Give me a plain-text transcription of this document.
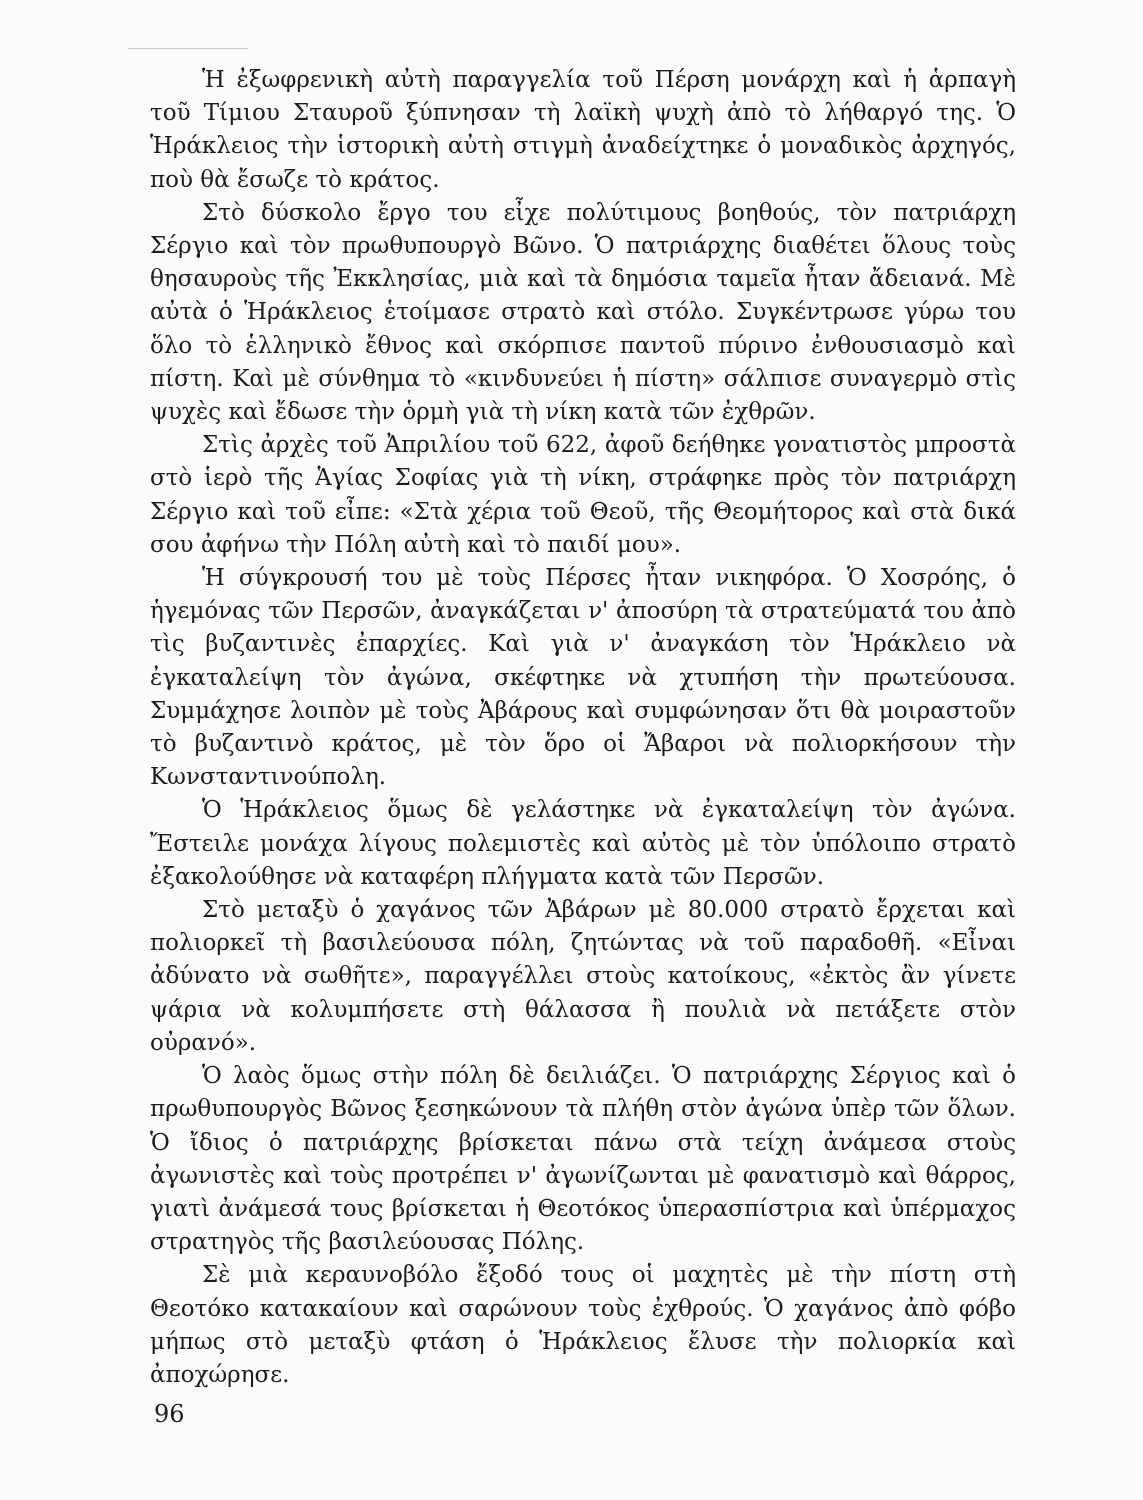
Ἡ ἐξωφρενικὴ αὐτὴ παραγγελία τοῦ Πέρση μονάρχη καὶ ἡ ἁρπαγὴ τοῦ Τίμιου Σταυροῦ ξύπνησαν τὴ λαϊκὴ ψυχὴ ἀπὸ τὸ λήθαργό της. Ὁ Ἡράκλειος τὴν ἱστορικὴ αὐτὴ στιγμὴ ἀναδείχτηκε ὁ μοναδικὸς ἀρχηγός, ποὺ θὰ ἔσωζε τὸ κράτος.

Στὸ δύσκολο ἔργο του εἶχε πολύτιμους βοηθούς, τὸν πατριάρχη Σέργιο καὶ τὸν πρωθυπουργὸ Βῶνο. Ὁ πατριάρχης διαθέτει ὅλους τοὺς θησαυροὺς τῆς Ἐκκλησίας, μιὰ καὶ τὰ δημόσια ταμεῖα ἦταν ἄδειανά. Μὲ αὐτὰ ὁ Ἡράκλειος ἑτοίμασε στρατὸ καὶ στόλο. Συγκέντρωσε γύρω του ὅλο τὸ ἑλληνικὸ ἔθνος καὶ σκόρπισε παντοῦ πύρινο ἐνθουσιασμὸ καὶ πίστη. Καὶ μὲ σύνθημα τὸ «κινδυνεύει ἡ πίστη» σάλπισε συναγερμὸ στὶς ψυχὲς καὶ ἔδωσε τὴν ὁρμὴ γιὰ τὴ νίκη κατὰ τῶν ἐχθρῶν.

Στὶς ἀρχὲς τοῦ Ἀπριλίου τοῦ 622, ἀφοῦ δεήθηκε γονατιστὸς μπροστὰ στὸ ἱερὸ τῆς Ἁγίας Σοφίας γιὰ τὴ νίκη, στράφηκε πρὸς τὸν πατριάρχη Σέργιο καὶ τοῦ εἶπε: «Στὰ χέρια τοῦ Θεοῦ, τῆς Θεομήτορος καὶ στὰ δικά σου ἀφήνω τὴν Πόλη αὐτὴ καὶ τὸ παιδί μου».

Ἡ σύγκρουσή του μὲ τοὺς Πέρσες ἦταν νικηφόρα. Ὁ Χοσρόης, ὁ ἡγεμόνας τῶν Περσῶν, ἀναγκάζεται ν' ἀποσύρη τὰ στρατεύματά του ἀπὸ τὶς βυζαντινὲς ἐπαρχίες. Καὶ γιὰ ν' ἀναγκάση τὸν Ἡράκλειο νὰ ἐγκαταλείψη τὸν ἀγώνα, σκέφτηκε νὰ χτυπήση τὴν πρωτεύουσα. Συμμάχησε λοιπὸν μὲ τοὺς Ἀβάρους καὶ συμφώνησαν ὅτι θὰ μοιραστοῦν τὸ βυζαντινὸ κράτος, μὲ τὸν ὅρο οἱ Ἄβαροι νὰ πολιορκήσουν τὴν Κωνσταντινούπολη.

Ὁ Ἡράκλειος ὅμως δὲ γελάστηκε νὰ ἐγκαταλείψη τὸν ἀγώνα. Ἔστειλε μονάχα λίγους πολεμιστὲς καὶ αὐτὸς μὲ τὸν ὑπόλοιπο στρατὸ ἐξακολούθησε νὰ καταφέρη πλήγματα κατὰ τῶν Περσῶν.

Στὸ μεταξὺ ὁ χαγάνος τῶν Ἀβάρων μὲ 80.000 στρατὸ ἔρχεται καὶ πολιορκεῖ τὴ βασιλεύουσα πόλη, ζητώντας νὰ τοῦ παραδοθῆ. «Εἶναι ἀδύνατο νὰ σωθῆτε», παραγγέλλει στοὺς κατοίκους, «ἐκτὸς ἂν γίνετε ψάρια νὰ κολυμπήσετε στὴ θάλασσα ἢ πουλιὰ νὰ πετάξετε στὸν οὐρανό».

Ὁ λαὸς ὅμως στὴν πόλη δὲ δειλιάζει. Ὁ πατριάρχης Σέργιος καὶ ὁ πρωθυπουργὸς Βῶνος ξεσηκώνουν τὰ πλήθη στὸν ἀγώνα ὑπὲρ τῶν ὅλων. Ὁ ἴδιος ὁ πατριάρχης βρίσκεται πάνω στὰ τείχη ἀνάμεσα στοὺς ἀγωνιστὲς καὶ τοὺς προτρέπει ν' ἀγωνίζωνται μὲ φανατισμὸ καὶ θάρρος, γιατὶ ἀνάμεσά τους βρίσκεται ἡ Θεοτόκος ὑπερασπίστρια καὶ ὑπέρμαχος στρατηγὸς τῆς βασιλεύουσας Πόλης.

Σὲ μιὰ κεραυνοβόλο ἔξοδό τους οἱ μαχητὲς μὲ τὴν πίστη στὴ Θεοτόκο κατακαίουν καὶ σαρώνουν τοὺς ἐχθρούς. Ὁ χαγάνος ἀπὸ φόβο μήπως στὸ μεταξὺ φτάση ὁ Ἡράκλειος ἔλυσε τὴν πολιορκία καὶ ἀποχώρησε.

96
